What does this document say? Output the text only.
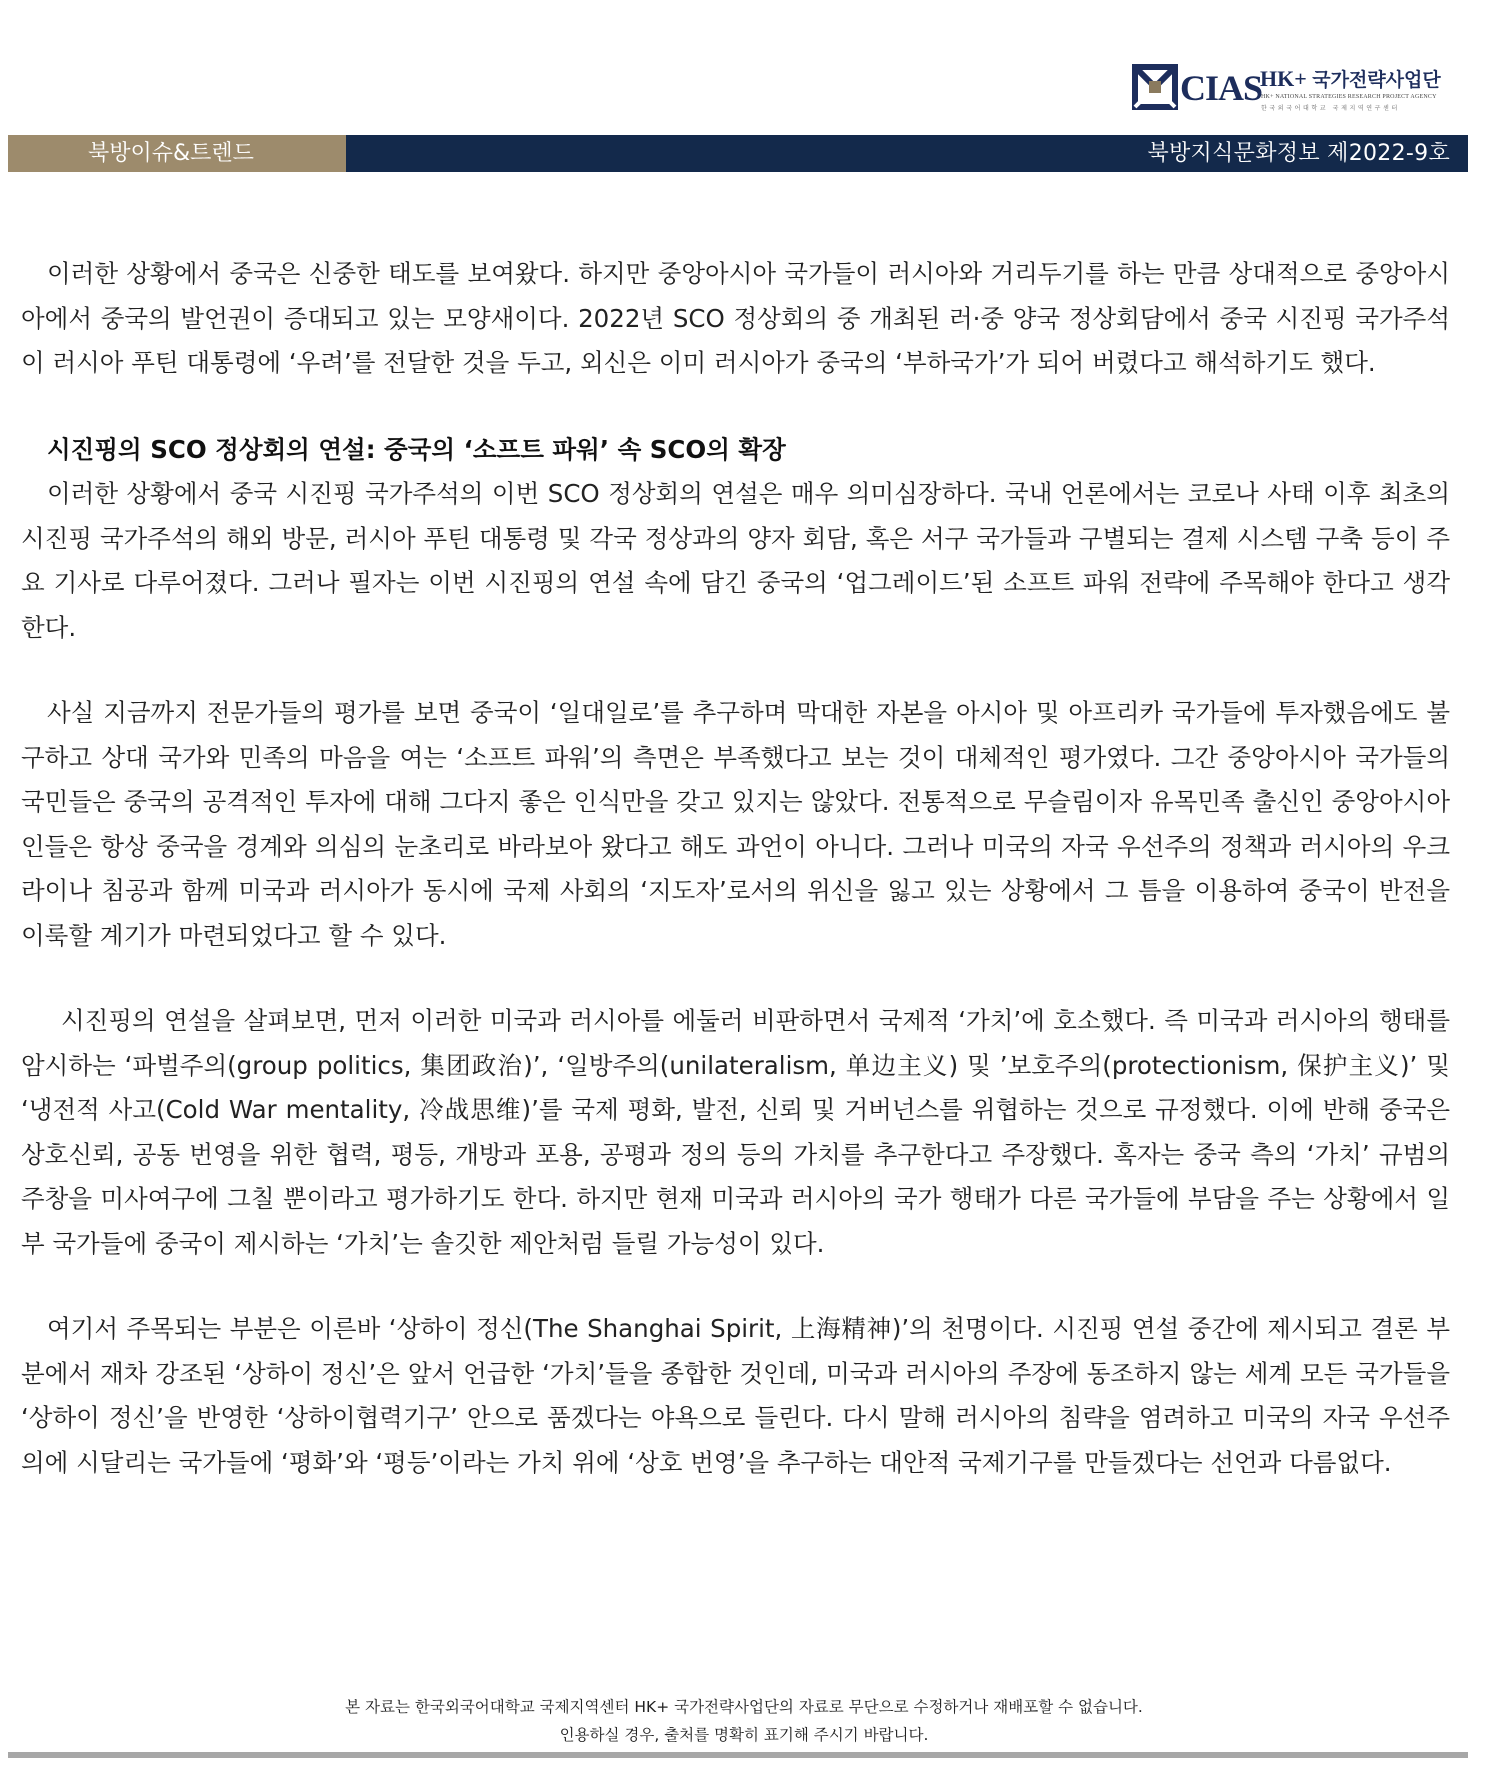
CIAS
HK+ 국가전략사업단
HK+ NATIONAL STRATEGIES RESEARCH PROJECT AGENCY
한국외국어대학교 국제지역연구센터
북방이슈&트렌드	북방지식문화정보 제2022-9호

이러한 상황에서 중국은 신중한 태도를 보여왔다. 하지만 중앙아시아 국가들이 러시아와 거리두기를 하는 만큼 상대적으로 중앙아시아에서 중국의 발언권이 증대되고 있는 모양새이다. 2022년 SCO 정상회의 중 개최된 러·중 양국 정상회담에서 중국 시진핑 국가주석이 러시아 푸틴 대통령에 ‘우려’를 전달한 것을 두고, 외신은 이미 러시아가 중국의 ‘부하국가’가 되어 버렸다고 해석하기도 했다.

시진핑의 SCO 정상회의 연설: 중국의 ‘소프트 파워’ 속 SCO의 확장

이러한 상황에서 중국 시진핑 국가주석의 이번 SCO 정상회의 연설은 매우 의미심장하다. 국내 언론에서는 코로나 사태 이후 최초의 시진핑 국가주석의 해외 방문, 러시아 푸틴 대통령 및 각국 정상과의 양자 회담, 혹은 서구 국가들과 구별되는 결제 시스템 구축 등이 주요 기사로 다루어졌다. 그러나 필자는 이번 시진핑의 연설 속에 담긴 중국의 ‘업그레이드’된 소프트 파워 전략에 주목해야 한다고 생각한다.

사실 지금까지 전문가들의 평가를 보면 중국이 ‘일대일로’를 추구하며 막대한 자본을 아시아 및 아프리카 국가들에 투자했음에도 불구하고 상대 국가와 민족의 마음을 여는 ‘소프트 파워’의 측면은 부족했다고 보는 것이 대체적인 평가였다. 그간 중앙아시아 국가들의 국민들은 중국의 공격적인 투자에 대해 그다지 좋은 인식만을 갖고 있지는 않았다. 전통적으로 무슬림이자 유목민족 출신인 중앙아시아인들은 항상 중국을 경계와 의심의 눈초리로 바라보아 왔다고 해도 과언이 아니다. 그러나 미국의 자국 우선주의 정책과 러시아의 우크라이나 침공과 함께 미국과 러시아가 동시에 국제 사회의 ‘지도자’로서의 위신을 잃고 있는 상황에서 그 틈을 이용하여 중국이 반전을 이룩할 계기가 마련되었다고 할 수 있다.

시진핑의 연설을 살펴보면, 먼저 이러한 미국과 러시아를 에둘러 비판하면서 국제적 ‘가치’에 호소했다. 즉 미국과 러시아의 행태를 암시하는 ‘파벌주의(group politics, 集团政治)’, ‘일방주의(unilateralism, 单边主义) 및 ’보호주의(protectionism, 保护主义)’ 및 ‘냉전적 사고(Cold War mentality, 冷战思维)’를 국제 평화, 발전, 신뢰 및 거버넌스를 위협하는 것으로 규정했다. 이에 반해 중국은 상호신뢰, 공동 번영을 위한 협력, 평등, 개방과 포용, 공평과 정의 등의 가치를 추구한다고 주장했다. 혹자는 중국 측의 ‘가치’ 규범의 주창을 미사여구에 그칠 뿐이라고 평가하기도 한다. 하지만 현재 미국과 러시아의 국가 행태가 다른 국가들에 부담을 주는 상황에서 일부 국가들에 중국이 제시하는 ‘가치’는 솔깃한 제안처럼 들릴 가능성이 있다.

여기서 주목되는 부분은 이른바 ‘상하이 정신(The Shanghai Spirit, 上海精神)’의 천명이다. 시진핑 연설 중간에 제시되고 결론 부분에서 재차 강조된 ‘상하이 정신’은 앞서 언급한 ‘가치’들을 종합한 것인데, 미국과 러시아의 주장에 동조하지 않는 세계 모든 국가들을 ‘상하이 정신’을 반영한 ‘상하이협력기구’ 안으로 품겠다는 야욕으로 들린다. 다시 말해 러시아의 침략을 염려하고 미국의 자국 우선주의에 시달리는 국가들에 ‘평화’와 ‘평등’이라는 가치 위에 ‘상호 번영’을 추구하는 대안적 국제기구를 만들겠다는 선언과 다름없다.

본 자료는 한국외국어대학교 국제지역센터 HK+ 국가전략사업단의 자료로 무단으로 수정하거나 재배포할 수 없습니다.
인용하실 경우, 출처를 명확히 표기해 주시기 바랍니다.
